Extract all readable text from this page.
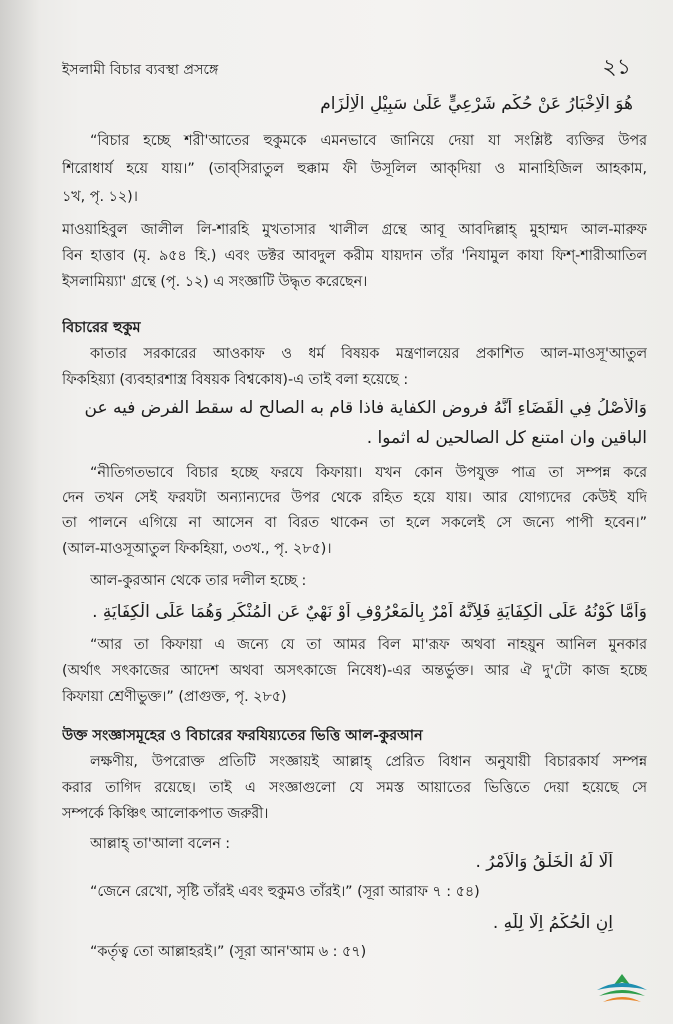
ইসলামী বিচার ব্যবস্থা প্রসঙ্গে	২১
هُوَ الْاِخْبَارُ عَنْ حُكْمٍ شَرْعِيٍّ عَلَىٰ سَبِيْلِ الْاِلْزَامِ
“বিচার হচ্ছে শরী'আতের হুকুমকে এমনভাবে জানিয়ে দেয়া যা সংশ্লিষ্ট ব্যক্তির উপর
শিরোধার্য হয়ে যায়।” (তাব্‌সিরাতুল হুক্কাম ফী উসূলিল আক্‌দিয়া ও মানাহিজিল আহকাম,
১খ, পৃ. ১২)।
মাওয়াহিবুল জালীল লি-শারহি মুখতাসার খালীল গ্রন্থে আবূ আবদিল্লাহ্‌ মুহাম্মদ আল-মারুফ
বিন হাত্তাব (মৃ. ৯৫৪ হি.) এবং ডক্টর আবদুল করীম যায়দান তাঁর 'নিযামুল কাযা ফিশ্‌-শারীআতিল
ইসলামিয়্যা' গ্রন্থে (পৃ. ১২) এ সংজ্ঞাটি উদ্ধৃত করেছেন।
বিচারের হুকুম
কাতার সরকারের আওকাফ ও ধর্ম বিষয়ক মন্ত্রণালয়ের প্রকাশিত আল-মাওসূ'আতুল
ফিকহিয়্যা (ব্যবহারশাস্ত্র বিষয়ক বিশ্বকোষ)-এ তাই বলা হয়েছে :
وَالْأَصْلُ فِي الْقَضَاءِ اَنَّهُ فروض الكفاية فاذا قام به الصالح له سقط الفرض فيه عن
الباقين وان امتنع كل الصالحين له اثموا .
“নীতিগতভাবে বিচার হচ্ছে ফরযে কিফায়া। যখন কোন উপযুক্ত পাত্র তা সম্পন্ন করে
দেন তখন সেই ফরযটা অন্যান্যদের উপর থেকে রহিত হয়ে যায়। আর যোগ্যদের কেউই যদি
তা পালনে এগিয়ে না আসেন বা বিরত থাকেন তা হলে সকলেই সে জন্যে পাপী হবেন।”
(আল-মাওসূআতুল ফিকহিয়া, ৩৩খ., পৃ. ২৮৫)।
আল-কুরআন থেকে তার দলীল হচ্ছে :
وَاَمَّا كَوْنُهُ عَلَى الْكِفَايَةِ فَلِاَنَّهُ اَمْرٌ بِالْمَعْرُوْفِ اَوْ نَهْيٌ عَنِ الْمُنْكَرِ وَهُمَا عَلَى الْكِفَايَةِ .
“আর তা কিফায়া এ জন্যে যে তা আমর বিল মা'রূফ অথবা নাহয়ুন আনিল মুনকার
(অর্থাৎ সৎকাজের আদেশ অথবা অসৎকাজে নিষেধ)-এর অন্তর্ভুক্ত। আর ঐ দু'টো কাজ হচ্ছে
কিফায়া শ্রেণীভুক্ত।” (প্রাগুক্ত, পৃ. ২৮৫)
উক্ত সংজ্ঞাসমূহের ও বিচারের ফরযিয়্যতের ভিত্তি আল-কুরআন
লক্ষণীয়, উপরোক্ত প্রতিটি সংজ্ঞায়ই আল্লাহ্‌ প্রেরিত বিধান অনুযায়ী বিচারকার্য সম্পন্ন
করার তাগিদ রয়েছে। তাই এ সংজ্ঞাগুলো যে সমস্ত আয়াতের ভিত্তিতে দেয়া হয়েছে সে
সম্পর্কে কিঞ্চিৎ আলোকপাত জরুরী।
আল্লাহ্‌ তা'আলা বলেন :
اَلَا لَهُ الْخَلْقُ وَالْاَمْرُ .
“জেনে রেখো, সৃষ্টি তাঁরই এবং হুকুমও তাঁরই।” (সূরা আরাফ ৭ : ৫৪)
اِنِ الْحُكْمُ اِلَّا لِلّٰهِ .
“কর্তৃত্ব তো আল্লাহরই।” (সূরা আন'আম ৬ : ৫৭)
